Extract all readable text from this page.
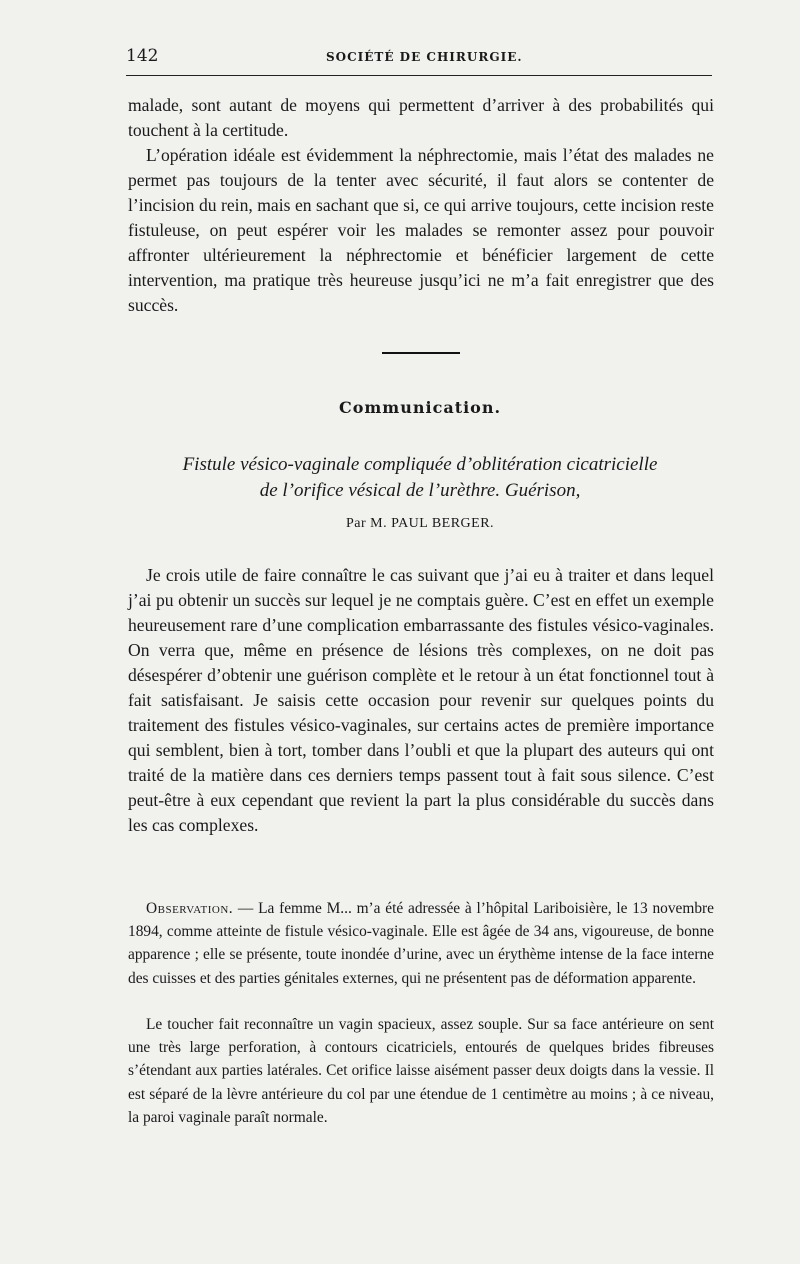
142	SOCIÉTÉ DE CHIRURGIE.

malade, sont autant de moyens qui permettent d’arriver à des probabilités qui touchent à la certitude.

L’opération idéale est évidemment la néphrectomie, mais l’état des malades ne permet pas toujours de la tenter avec sécurité, il faut alors se contenter de l’incision du rein, mais en sachant que si, ce qui arrive toujours, cette incision reste fistuleuse, on peut espérer voir les malades se remonter assez pour pouvoir affronter ultérieurement la néphrectomie et bénéficier largement de cette intervention, ma pratique très heureuse jusqu’ici ne m’a fait enregistrer que des succès.

Communication.
Fistule vésico-vaginale compliquée d’oblitération cicatricielle
de l’orifice vésical de l’urèthre. Guérison,
Par M. PAUL BERGER.

Je crois utile de faire connaître le cas suivant que j’ai eu à traiter et dans lequel j’ai pu obtenir un succès sur lequel je ne comptais guère. C’est en effet un exemple heureusement rare d’une complication embarrassante des fistules vésico-vaginales. On verra que, même en présence de lésions très complexes, on ne doit pas désespérer d’obtenir une guérison complète et le retour à un état fonctionnel tout à fait satisfaisant. Je saisis cette occasion pour revenir sur quelques points du traitement des fistules vésico-vaginales, sur certains actes de première importance qui semblent, bien à tort, tomber dans l’oubli et que la plupart des auteurs qui ont traité de la matière dans ces derniers temps passent tout à fait sous silence. C’est peut-être à eux cependant que revient la part la plus considérable du succès dans les cas complexes.

Observation. — La femme M... m’a été adressée à l’hôpital Lariboisière, le 13 novembre 1894, comme atteinte de fistule vésico-vaginale. Elle est âgée de 34 ans, vigoureuse, de bonne apparence ; elle se présente, toute inondée d’urine, avec un érythème intense de la face interne des cuisses et des parties génitales externes, qui ne présentent pas de déformation apparente.

Le toucher fait reconnaître un vagin spacieux, assez souple. Sur sa face antérieure on sent une très large perforation, à contours cicatriciels, entourés de quelques brides fibreuses s’étendant aux parties latérales. Cet orifice laisse aisément passer deux doigts dans la vessie. Il est séparé de la lèvre antérieure du col par une étendue de 1 centimètre au moins ; à ce niveau, la paroi vaginale paraît normale.
